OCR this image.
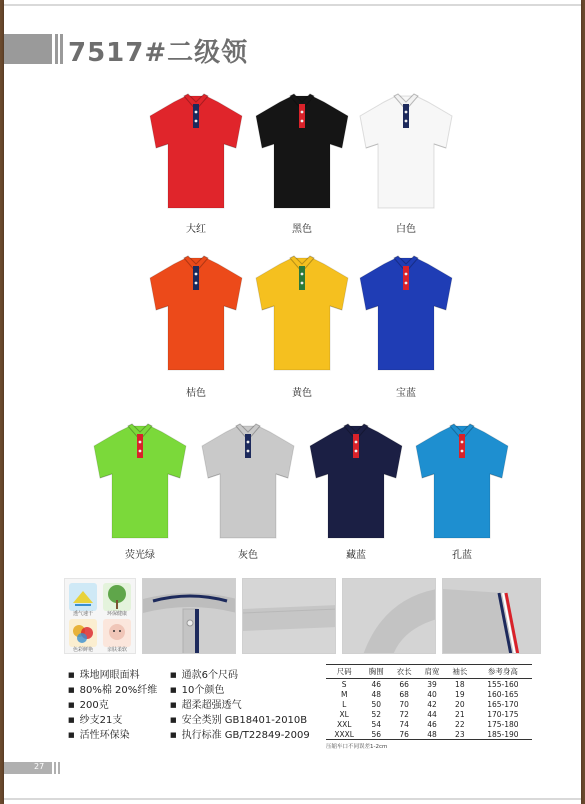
7517#二级领
大红	黑色	白色
桔色	黄色	宝蓝
荧光绿	灰色	藏蓝	孔蓝
透气速干	环保健康
色彩鲜艳	亲肤柔软
■ 珠地网眼面料
■ 80%棉 20%纤维
■ 200克
■ 纱支21支
■ 活性环保染
■ 通款6个尺码
■ 10个颜色
■ 超柔超强透气
■ 安全类别 GB18401-2010B
■ 执行标准 GB/T22849-2009
尺码	胸围	衣长	肩宽	袖长	参考身高
S	46	66	39	18	155-160
M	48	68	40	19	160-165
L	50	70	42	20	165-170
XL	52	72	44	21	170-175
XXL	54	74	46	22	175-180
XXXL	56	76	48	23	185-190
压缩车口不同误差1-2cm
27
